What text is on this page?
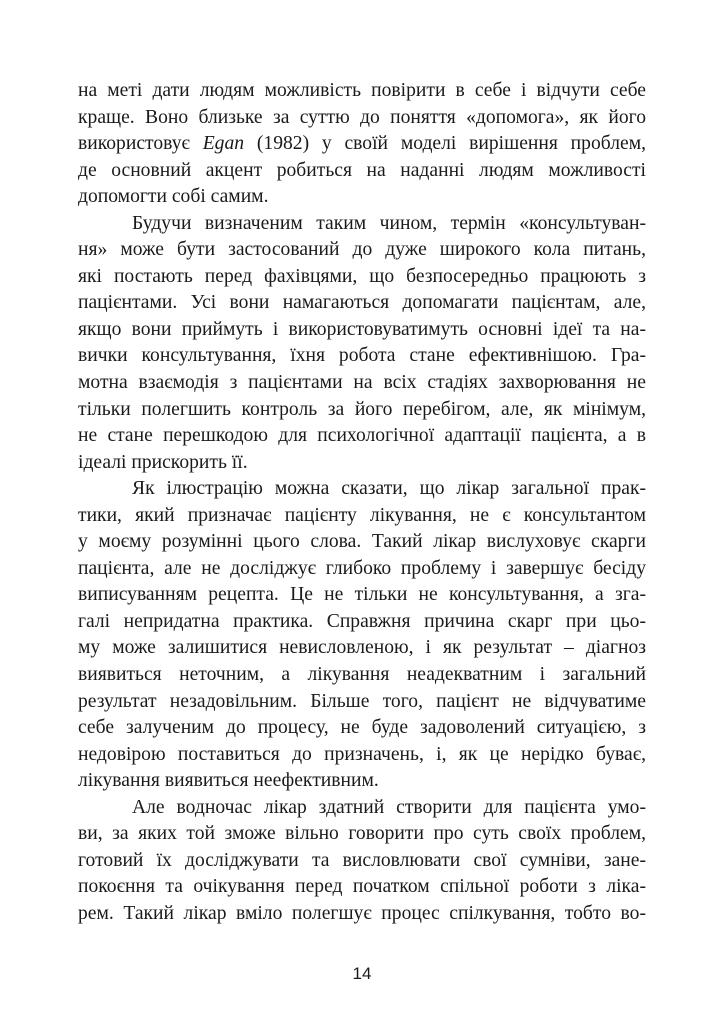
на меті дати людям можливість повірити в себе і відчути себе
краще. Воно близьке за суттю до поняття «допомога», як його
використовує Egan (1982) у своїй моделі вирішення проблем,
де основний акцент робиться на наданні людям можливості
допомогти собі самим.
Будучи визначеним таким чином, термін «консультуван-
ня» може бути застосований до дуже широкого кола питань,
які постають перед фахівцями, що безпосередньо працюють з
пацієнтами. Усі вони намагаються допомагати пацієнтам, але,
якщо вони приймуть і використовуватимуть основні ідеї та на-
вички консультування, їхня робота стане ефективнішою. Гра-
мотна взаємодія з пацієнтами на всіх стадіях захворювання не
тільки полегшить контроль за його перебігом, але, як мінімум,
не стане перешкодою для психологічної адаптації пацієнта, а в
ідеалі прискорить її.
Як ілюстрацію можна сказати, що лікар загальної прак-
тики, який призначає пацієнту лікування, не є консультантом
у моєму розумінні цього слова. Такий лікар вислуховує скарги
пацієнта, але не досліджує глибоко проблему і завершує бесіду
виписуванням рецепта. Це не тільки не консультування, а зга-
галі непридатна практика. Справжня причина скарг при цьо-
му може залишитися невисловленою, і як результат – діагноз
виявиться неточним, а лікування неадекватним і загальний
результат незадовільним. Більше того, пацієнт не відчуватиме
себе залученим до процесу, не буде задоволений ситуацією, з
недовірою поставиться до призначень, і, як це нерідко буває,
лікування виявиться неефективним.
Але водночас лікар здатний створити для пацієнта умо-
ви, за яких той зможе вільно говорити про суть своїх проблем,
готовий їх досліджувати та висловлювати свої сумніви, зане-
покоєння та очікування перед початком спільної роботи з ліка-
рем. Такий лікар вміло полегшує процес спілкування, тобто во-
14
